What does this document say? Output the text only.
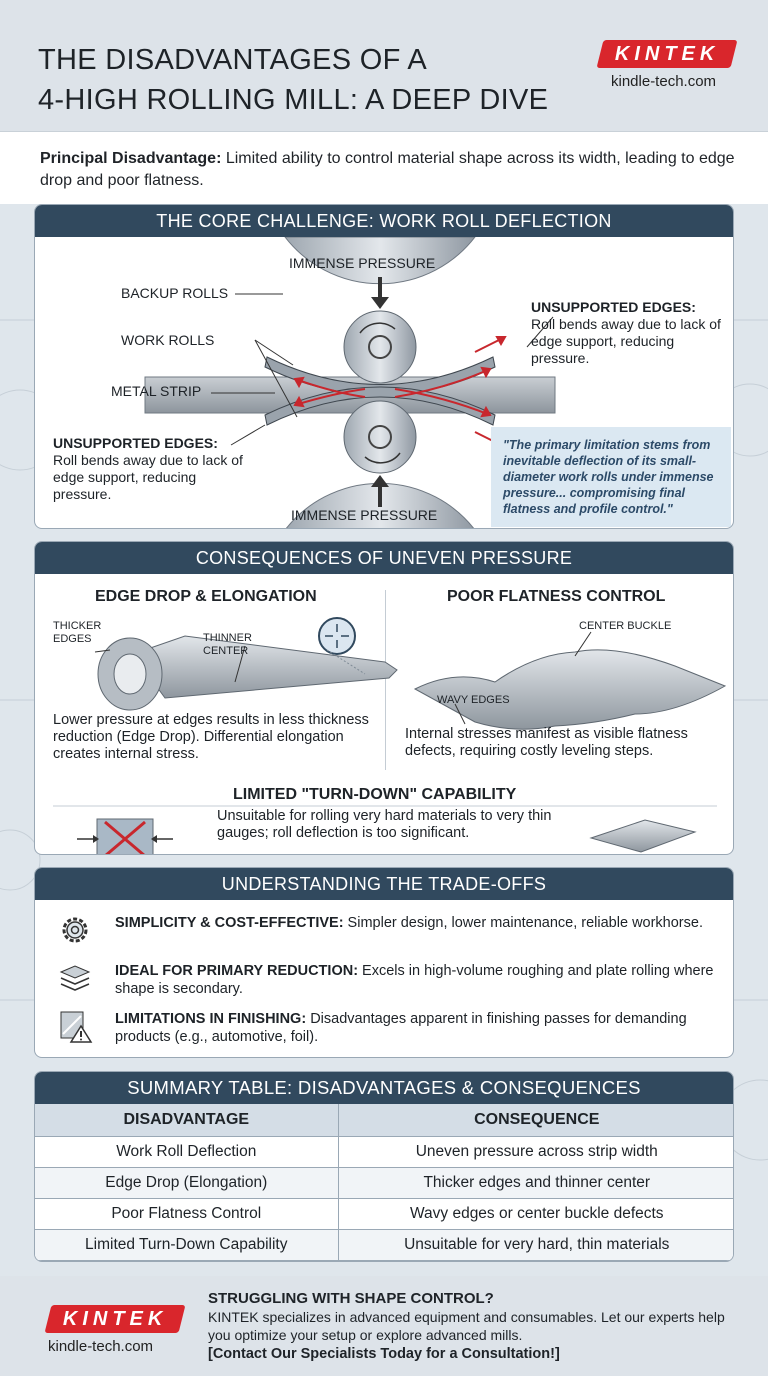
THE DISADVANTAGES OF A
4-HIGH ROLLING MILL: A DEEP DIVE
KINTEK
kindle-tech.com

Principal Disadvantage: Limited ability to control material shape across its width, leading to edge drop and poor flatness.

THE CORE CHALLENGE: WORK ROLL DEFLECTION
IMMENSE PRESSURE
IMMENSE PRESSURE
BACKUP ROLLS
WORK ROLLS
METAL STRIP
UNSUPPORTED EDGES:
Roll bends away due to lack of edge support, reducing pressure.
UNSUPPORTED EDGES:
Roll bends away due to lack of edge support, reducing pressure.
"The primary limitation stems from inevitable deflection of its small-diameter work rolls under immense pressure... compromising final flatness and profile control."
CONSEQUENCES OF UNEVEN PRESSURE
EDGE DROP & ELONGATION	POOR FLATNESS CONTROL
THICKER EDGES	THINNER CENTER
CENTER BUCKLE
WAVY EDGES
Lower pressure at edges results in less thickness reduction (Edge Drop). Differential elongation creates internal stress.
Internal stresses manifest as visible flatness defects, requiring costly leveling steps.
LIMITED "TURN-DOWN" CAPABILITY
Unsuitable for rolling very hard materials to very thin gauges; roll deflection is too significant.
UNDERSTANDING THE TRADE-OFFS
SIMPLICITY & COST-EFFECTIVE: Simpler design, lower maintenance, reliable workhorse.
IDEAL FOR PRIMARY REDUCTION: Excels in high-volume roughing and plate rolling where shape is secondary.
LIMITATIONS IN FINISHING: Disadvantages apparent in finishing passes for demanding products (e.g., automotive, foil).
SUMMARY TABLE: DISADVANTAGES & CONSEQUENCES
DISADVANTAGE	CONSEQUENCE
Work Roll Deflection	Uneven pressure across strip width
Edge Drop (Elongation)	Thicker edges and thinner center
Poor Flatness Control	Wavy edges or center buckle defects
Limited Turn-Down Capability	Unsuitable for very hard, thin materials
KINTEK
kindle-tech.com
STRUGGLING WITH SHAPE CONTROL?
KINTEK specializes in advanced equipment and consumables. Let our experts help you optimize your setup or explore advanced mills.
[Contact Our Specialists Today for a Consultation!]
